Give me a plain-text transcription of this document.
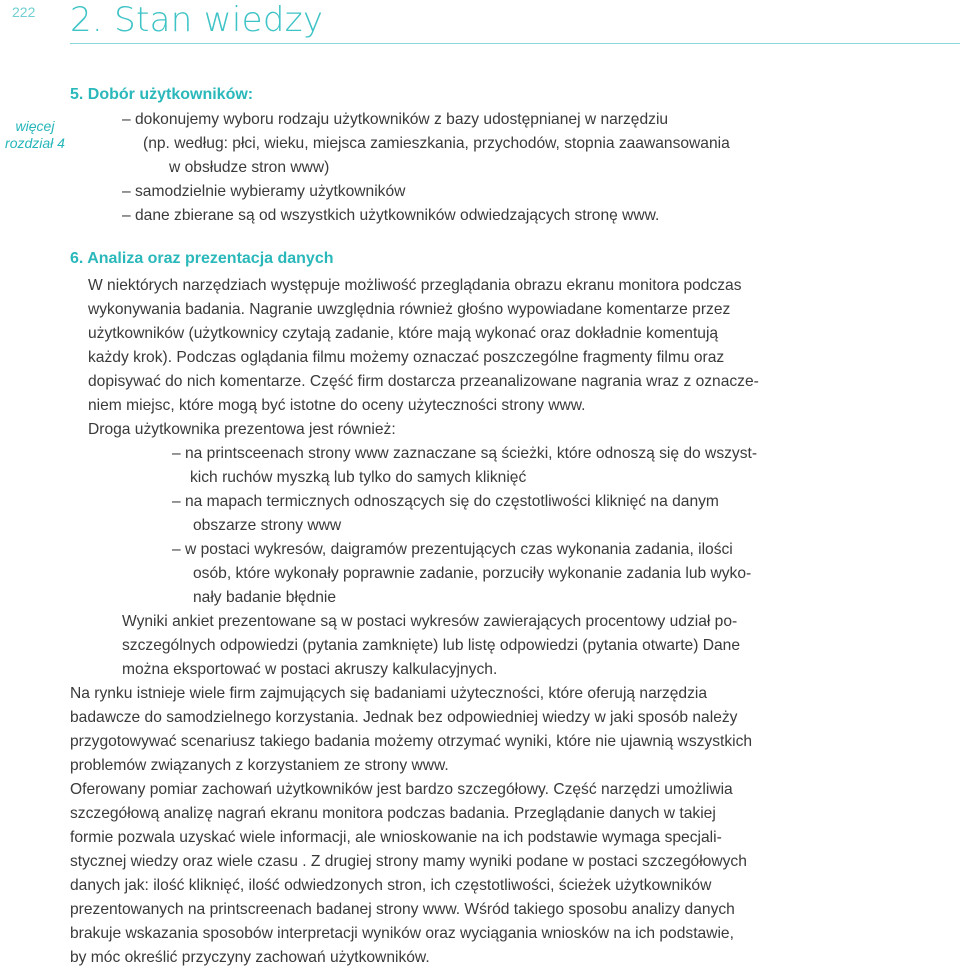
222 2. Stan wiedzy
więcej
rozdział 4
5. Dobór użytkowników:
– dokonujemy wyboru rodzaju użytkowników z bazy udostępnianej w narzędziu
(np. według: płci, wieku, miejsca zamieszkania, przychodów, stopnia zaawansowania
w obsłudze stron www)
– samodzielnie wybieramy użytkowników
– dane zbierane są od wszystkich użytkowników odwiedzających stronę www.
6. Analiza oraz prezentacja danych
W niektórych narzędziach występuje możliwość przeglądania obrazu ekranu monitora podczas
wykonywania badania. Nagranie uwzględnia również głośno wypowiadane komentarze przez
użytkowników (użytkownicy czytają zadanie, które mają wykonać oraz dokładnie komentują
każdy krok). Podczas oglądania filmu możemy oznaczać poszczególne fragmenty filmu oraz
dopisywać do nich komentarze. Część firm dostarcza przeanalizowane nagrania wraz z oznacze-
niem miejsc, które mogą być istotne do oceny użyteczności strony www.
Droga użytkownika prezentowa jest również:
– na printsceenach strony www zaznaczane są ścieżki, które odnoszą się do wszyst-
kich ruchów myszką lub tylko do samych kliknięć
– na mapach termicznych odnoszących się do częstotliwości kliknięć na danym
obszarze strony www
– w postaci wykresów, daigramów prezentujących czas wykonania zadania, ilości
osób, które wykonały poprawnie zadanie, porzuciły wykonanie zadania lub wyko-
nały badanie błędnie
Wyniki ankiet prezentowane są w postaci wykresów zawierających procentowy udział po-
szczególnych odpowiedzi (pytania zamknięte) lub listę odpowiedzi (pytania otwarte) Dane
można eksportować w postaci akruszy kalkulacyjnych.
Na rynku istnieje wiele firm zajmujących się badaniami użyteczności, które oferują narzędzia
badawcze do samodzielnego korzystania. Jednak bez odpowiedniej wiedzy w jaki sposób należy
przygotowywać scenariusz takiego badania możemy otrzymać wyniki, które nie ujawnią wszystkich
problemów związanych z korzystaniem ze strony www.
Oferowany pomiar zachowań użytkowników jest bardzo szczegółowy. Część narzędzi umożliwia
szczegółową analizę nagrań ekranu monitora podczas badania. Przeglądanie danych w takiej
formie pozwala uzyskać wiele informacji, ale wnioskowanie na ich podstawie wymaga specjali-
stycznej wiedzy oraz wiele czasu . Z drugiej strony mamy wyniki podane w postaci szczegółowych
danych jak: ilość kliknięć, ilość odwiedzonych stron, ich częstotliwości, ścieżek użytkowników
prezentowanych na printscreenach badanej strony www. Wśród takiego sposobu analizy danych
brakuje wskazania sposobów interpretacji wyników oraz wyciągania wniosków na ich podstawie,
by móc określić przyczyny zachowań użytkowników.
